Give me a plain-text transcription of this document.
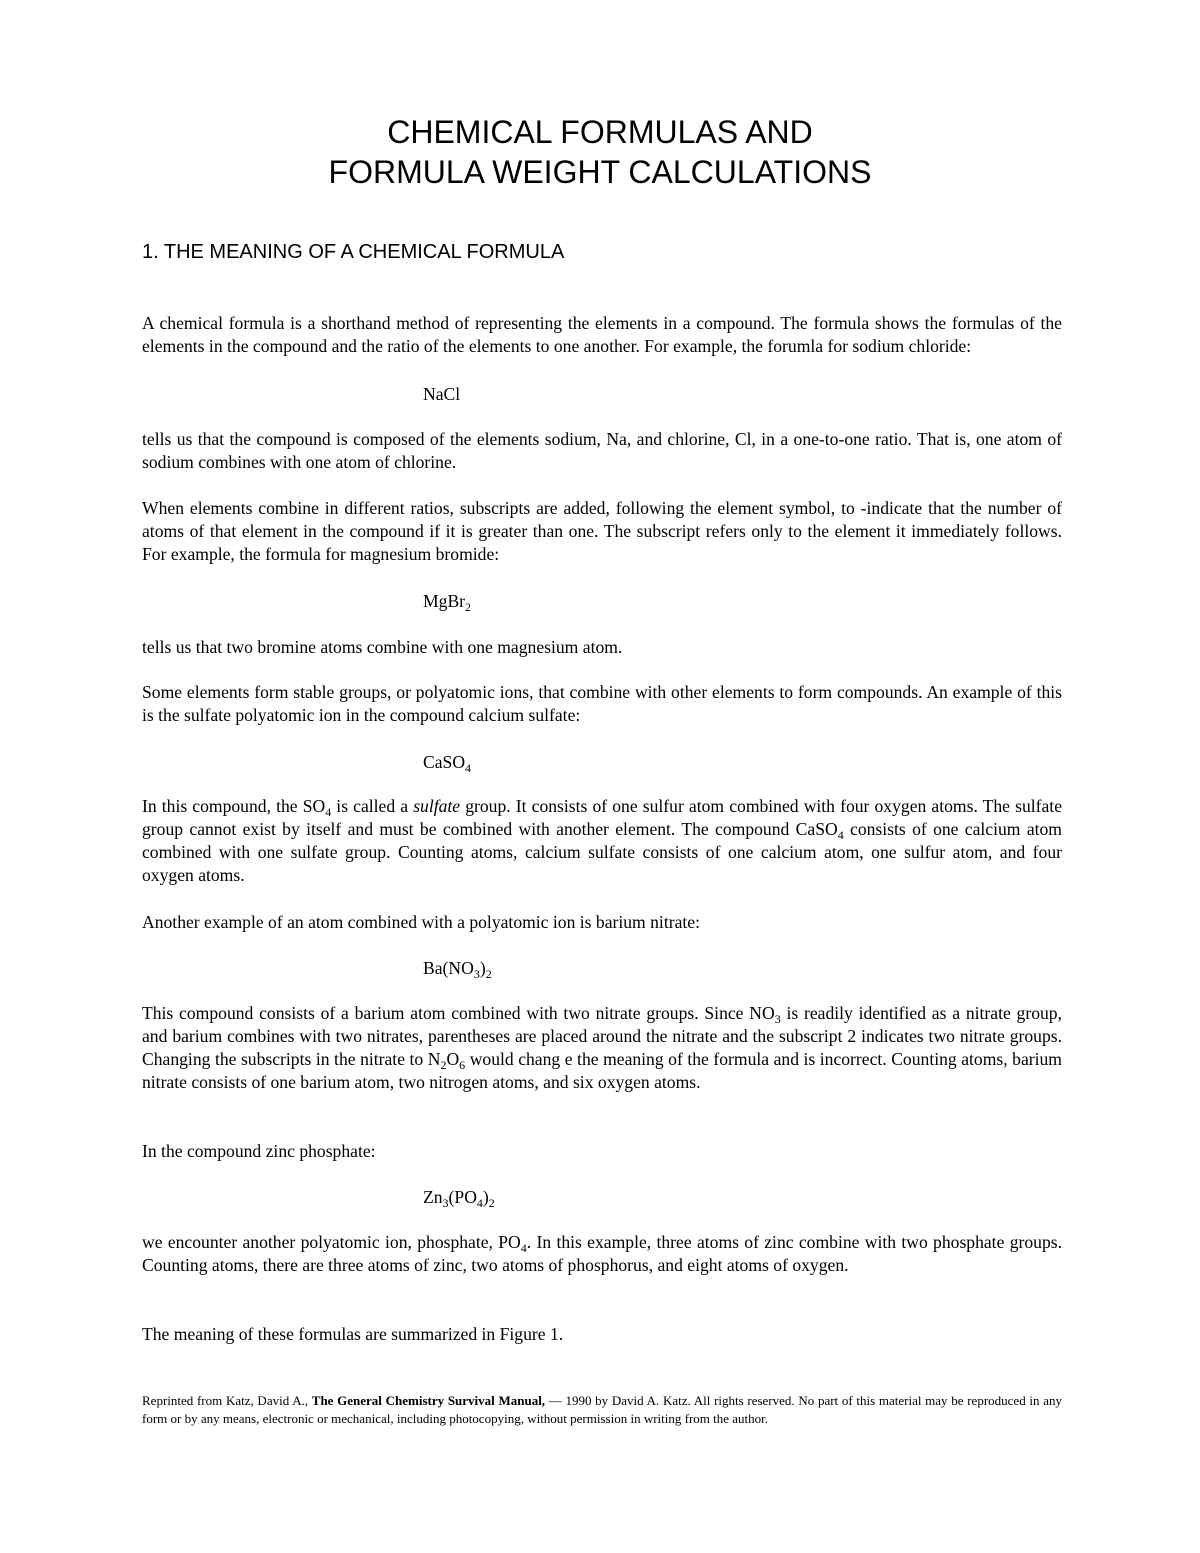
CHEMICAL FORMULAS AND
FORMULA WEIGHT CALCULATIONS
1. THE MEANING OF A CHEMICAL FORMULA

A chemical formula is a shorthand method of representing the elements in a compound. The formula shows the formulas of the elements in the compound and the ratio of the elements to one another. For example, the forumla for sodium chloride:

NaCl

tells us that the compound is composed of the elements sodium, Na, and chlorine, Cl, in a one-to-one ratio. That is, one atom of sodium combines with one atom of chlorine.

When elements combine in different ratios, subscripts are added, following the element symbol, to -indicate that the number of atoms of that element in the compound if it is greater than one. The subscript refers only to the element it immediately follows. For example, the formula for magnesium bromide:

MgBr$_2$

tells us that two bromine atoms combine with one magnesium atom.

Some elements form stable groups, or polyatomic ions, that combine with other elements to form compounds. An example of this is the sulfate polyatomic ion in the compound calcium sulfate:

CaSO$_4$

In this compound, the $SO_4$ is called a sulfate group. It consists of one sulfur atom combined with four oxygen atoms. The sulfate group cannot exist by itself and must be combined with another element. The compound CaSO$_4$ consists of one calcium atom combined with one sulfate group. Counting atoms, calcium sulfate consists of one calcium atom, one sulfur atom, and four oxygen atoms.

Another example of an atom combined with a polyatomic ion is barium nitrate:

$Ba(NO_3)_2$

This compound consists of a barium atom combined with two nitrate groups. Since $NO_3$ is readily identified as a nitrate group, and barium combines with two nitrates, parentheses are placed around the nitrate and the subscript 2 indicates two nitrate groups. Changing the subscripts in the nitrate to $N_2O_6$ would chang e the meaning of the formula and is incorrect. Counting atoms, barium nitrate consists of one barium atom, two nitrogen atoms, and six oxygen atoms.

In the compound zinc phosphate:

$Zn_3(PO_4)_2$

we encounter another polyatomic ion, phosphate, $PO_4$. In this example, three atoms of zinc combine with two phosphate groups. Counting atoms, there are three atoms of zinc, two atoms of phosphorus, and eight atoms of oxygen.

The meaning of these formulas are summarized in Figure 1.

Reprinted from Katz, David A., The General Chemistry Survival Manual, — 1990 by David A. Katz. All rights reserved. No part of this material may be reproduced in any form or by any means, electronic or mechanical, including photocopying, without permission in writing from the author.
